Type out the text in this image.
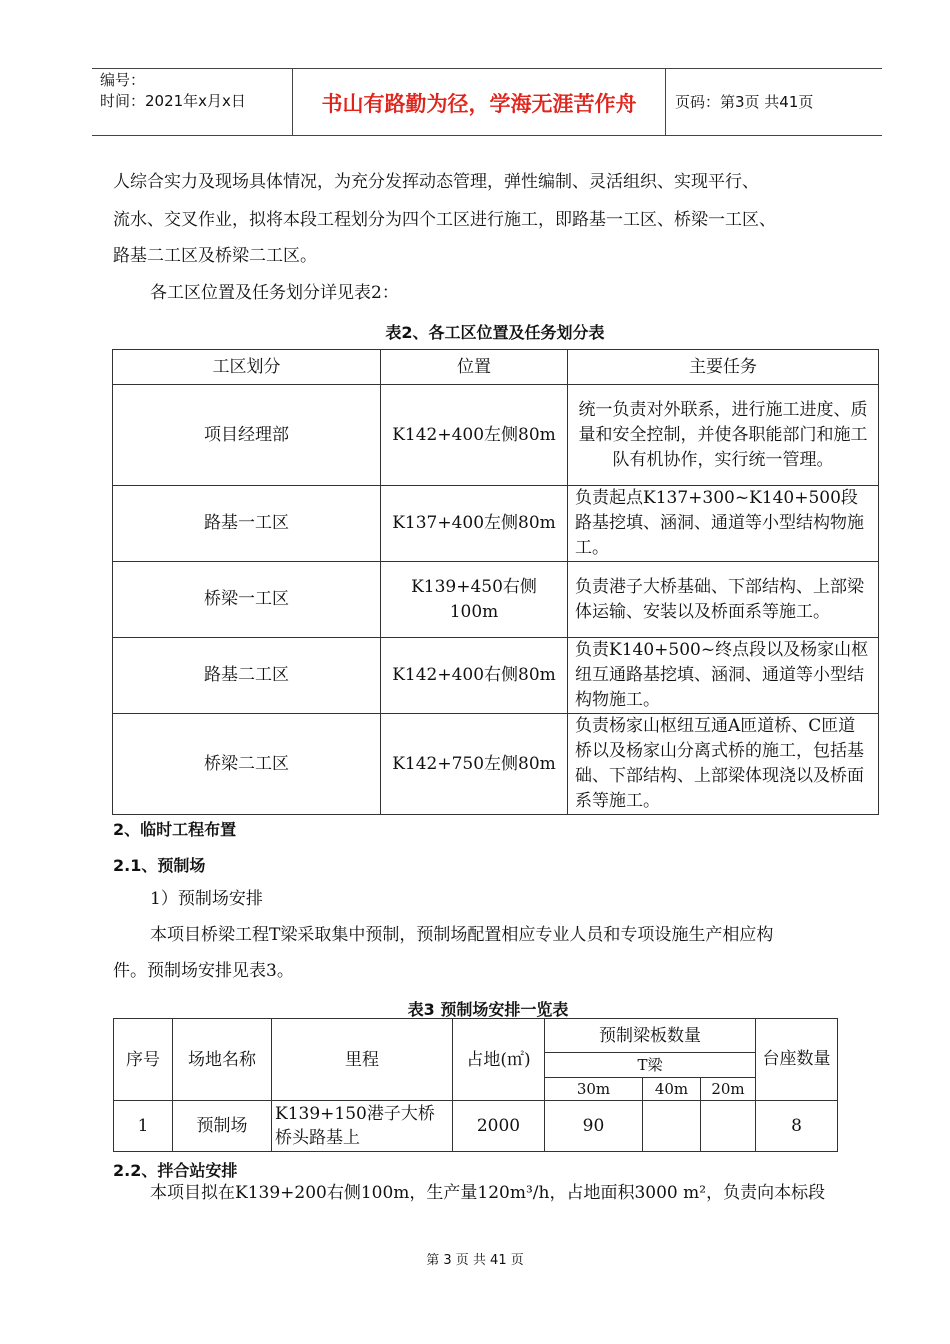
编号：
时间：2021年x月x日	书山有路勤为径，学海无涯苦作舟	页码：第3页 共41页
人综合实力及现场具体情况，为充分发挥动态管理，弹性编制、灵活组织、实现平行、
流水、交叉作业，拟将本段工程划分为四个工区进行施工，即路基一工区、桥梁一工区、
路基二工区及桥梁二工区。
各工区位置及任务划分详见表2：
表2、各工区位置及任务划分表
工区划分	位置	主要任务
项目经理部	K142+400左侧80m	统一负责对外联系，进行施工进度、质量和安全控制，并使各职能部门和施工队有机协作，实行统一管理。
路基一工区	K137+400左侧80m	负责起点K137+300~K140+500段路基挖填、涵洞、通道等小型结构物施工。
桥梁一工区	K139+450右侧100m	负责港子大桥基础、下部结构、上部梁体运输、安装以及桥面系等施工。
路基二工区	K142+400右侧80m	负责K140+500~终点段以及杨家山枢纽互通路基挖填、涵洞、通道等小型结构物施工。
桥梁二工区	K142+750左侧80m	负责杨家山枢纽互通A匝道桥、C匝道桥以及杨家山分离式桥的施工，包括基础、下部结构、上部梁体现浇以及桥面系等施工。
2、临时工程布置
2.1、预制场
1）预制场安排
本项目桥梁工程T梁采取集中预制，预制场配置相应专业人员和专项设施生产相应构
件。预制场安排见表3。
表3 预制场安排一览表
序号	场地名称	里程	占地(㎡)	预制梁板数量			台座数量
				T梁			
				30m	40m	20m	
1	预制场	K139+150港子大桥桥头路基上	2000	90			8
2.2、拌合站安排
本项目拟在K139+200右侧100m，生产量120m³/h，占地面积3000 m²，负责向本标段
第 3 页 共 41 页
